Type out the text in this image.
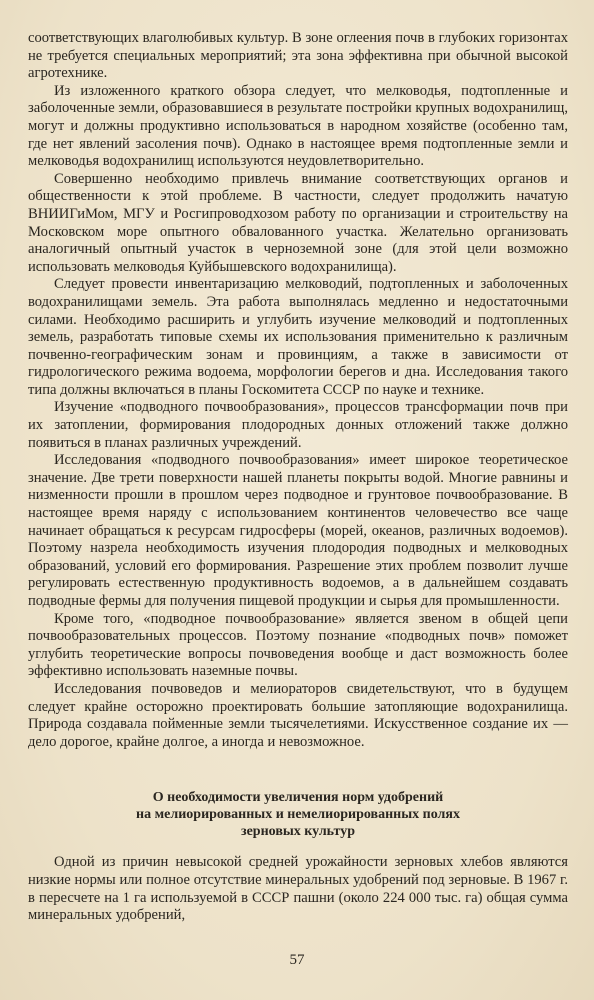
соответствующих влаголюбивых культур. В зоне оглеения почв в глубоких горизонтах не требуется специальных мероприятий; эта зона эффективна при обычной высокой агротехнике.

Из изложенного краткого обзора следует, что мелководья, подтопленные и заболоченные земли, образовавшиеся в результате постройки крупных водохранилищ, могут и должны продуктивно использоваться в народном хозяйстве (особенно там, где нет явлений засоления почв). Однако в настоящее время подтопленные земли и мелководья водохранилищ используются неудовлетворительно.

Совершенно необходимо привлечь внимание соответствующих органов и общественности к этой проблеме. В частности, следует продолжить начатую ВНИИГиМом, МГУ и Росгипроводхозом работу по организации и строительству на Московском море опытного обвалованного участка. Желательно организовать аналогичный опытный участок в черноземной зоне (для этой цели возможно использовать мелководья Куйбышевского водохранилища).

Следует провести инвентаризацию мелководий, подтопленных и заболоченных водохранилищами земель. Эта работа выполнялась медленно и недостаточными силами. Необходимо расширить и углубить изучение мелководий и подтопленных земель, разработать типовые схемы их использования применительно к различным почвенно-географическим зонам и провинциям, а также в зависимости от гидрологического режима водоема, морфологии берегов и дна. Исследования такого типа должны включаться в планы Госкомитета СССР по науке и технике.

Изучение «подводного почвообразования», процессов трансформации почв при их затоплении, формирования плодородных донных отложений также должно появиться в планах различных учреждений.

Исследования «подводного почвообразования» имеет широкое теоретическое значение. Две трети поверхности нашей планеты покрыты водой. Многие равнины и низменности прошли в прошлом через подводное и грунтовое почвообразование. В настоящее время наряду с использованием континентов человечество все чаще начинает обращаться к ресурсам гидросферы (морей, океанов, различных водоемов). Поэтому назрела необходимость изучения плодородия подводных и мелководных образований, условий его формирования. Разрешение этих проблем позволит лучше регулировать естественную продуктивность водоемов, а в дальнейшем создавать подводные фермы для получения пищевой продукции и сырья для промышленности.

Кроме того, «подводное почвообразование» является звеном в общей цепи почвообразовательных процессов. Поэтому познание «подводных почв» поможет углубить теоретические вопросы почвоведения вообще и даст возможность более эффективно использовать наземные почвы.

Исследования почвоведов и мелиораторов свидетельствуют, что в будущем следует крайне осторожно проектировать большие затопляющие водохранилища. Природа создавала пойменные земли тысячелетиями. Искусственное создание их — дело дорогое, крайне долгое, а иногда и невозможное.

О необходимости увеличения норм удобрений
на мелиорированных и немелиорированных полях
зерновых культур

Одной из причин невысокой средней урожайности зерновых хлебов являются низкие нормы или полное отсутствие минеральных удобрений под зерновые. В 1967 г. в пересчете на 1 га используемой в СССР пашни (около 224 000 тыс. га) общая сумма минеральных удобрений,

57
